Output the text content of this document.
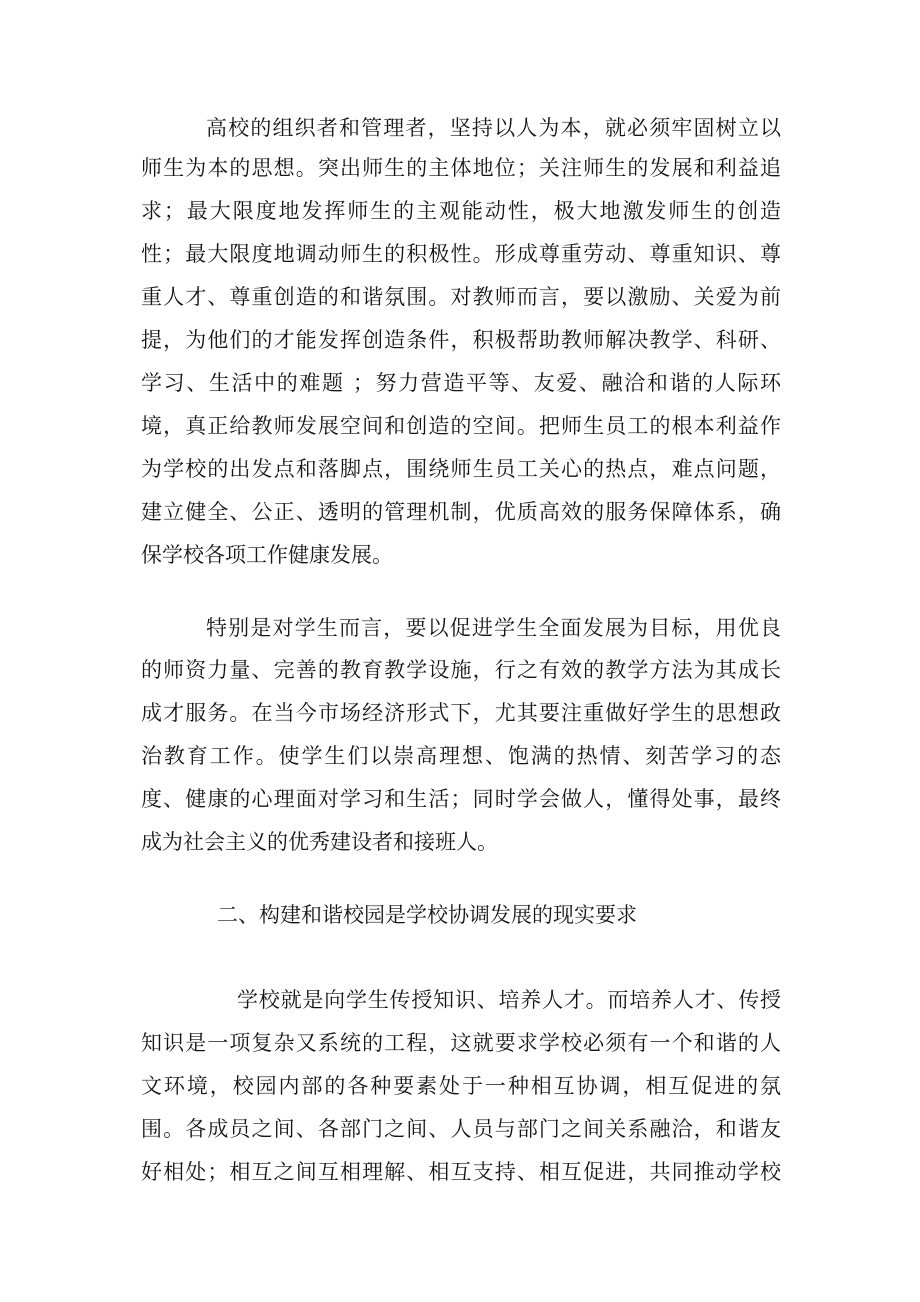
高校的组织者和管理者，坚持以人为本，就必须牢固树立以

师生为本的思想。突出师生的主体地位；关注师生的发展和利益追

求；最大限度地发挥师生的主观能动性，极大地激发师生的创造

性；最大限度地调动师生的积极性。形成尊重劳动、尊重知识、尊

重人才、尊重创造的和谐氛围。对教师而言，要以激励、关爱为前

提，为他们的才能发挥创造条件，积极帮助教师解决教学、科研、

学习、生活中的难题 ；努力营造平等、友爱、融洽和谐的人际环

境，真正给教师发展空间和创造的空间。把师生员工的根本利益作

为学校的出发点和落脚点，围绕师生员工关心的热点，难点问题，

建立健全、公正、透明的管理机制，优质高效的服务保障体系，确

保学校各项工作健康发展。

特别是对学生而言，要以促进学生全面发展为目标，用优良

的师资力量、完善的教育教学设施，行之有效的教学方法为其成长

成才服务。在当今市场经济形式下，尤其要注重做好学生的思想政

治教育工作。使学生们以崇高理想、饱满的热情、刻苦学习的态

度、健康的心理面对学习和生活；同时学会做人，懂得处事，最终

成为社会主义的优秀建设者和接班人。

二、构建和谐校园是学校协调发展的现实要求

学校就是向学生传授知识、培养人才。而培养人才、传授

知识是一项复杂又系统的工程，这就要求学校必须有一个和谐的人

文环境，校园内部的各种要素处于一种相互协调，相互促进的氛

围。各成员之间、各部门之间、人员与部门之间关系融洽，和谐友

好相处；相互之间互相理解、相互支持、相互促进，共同推动学校
